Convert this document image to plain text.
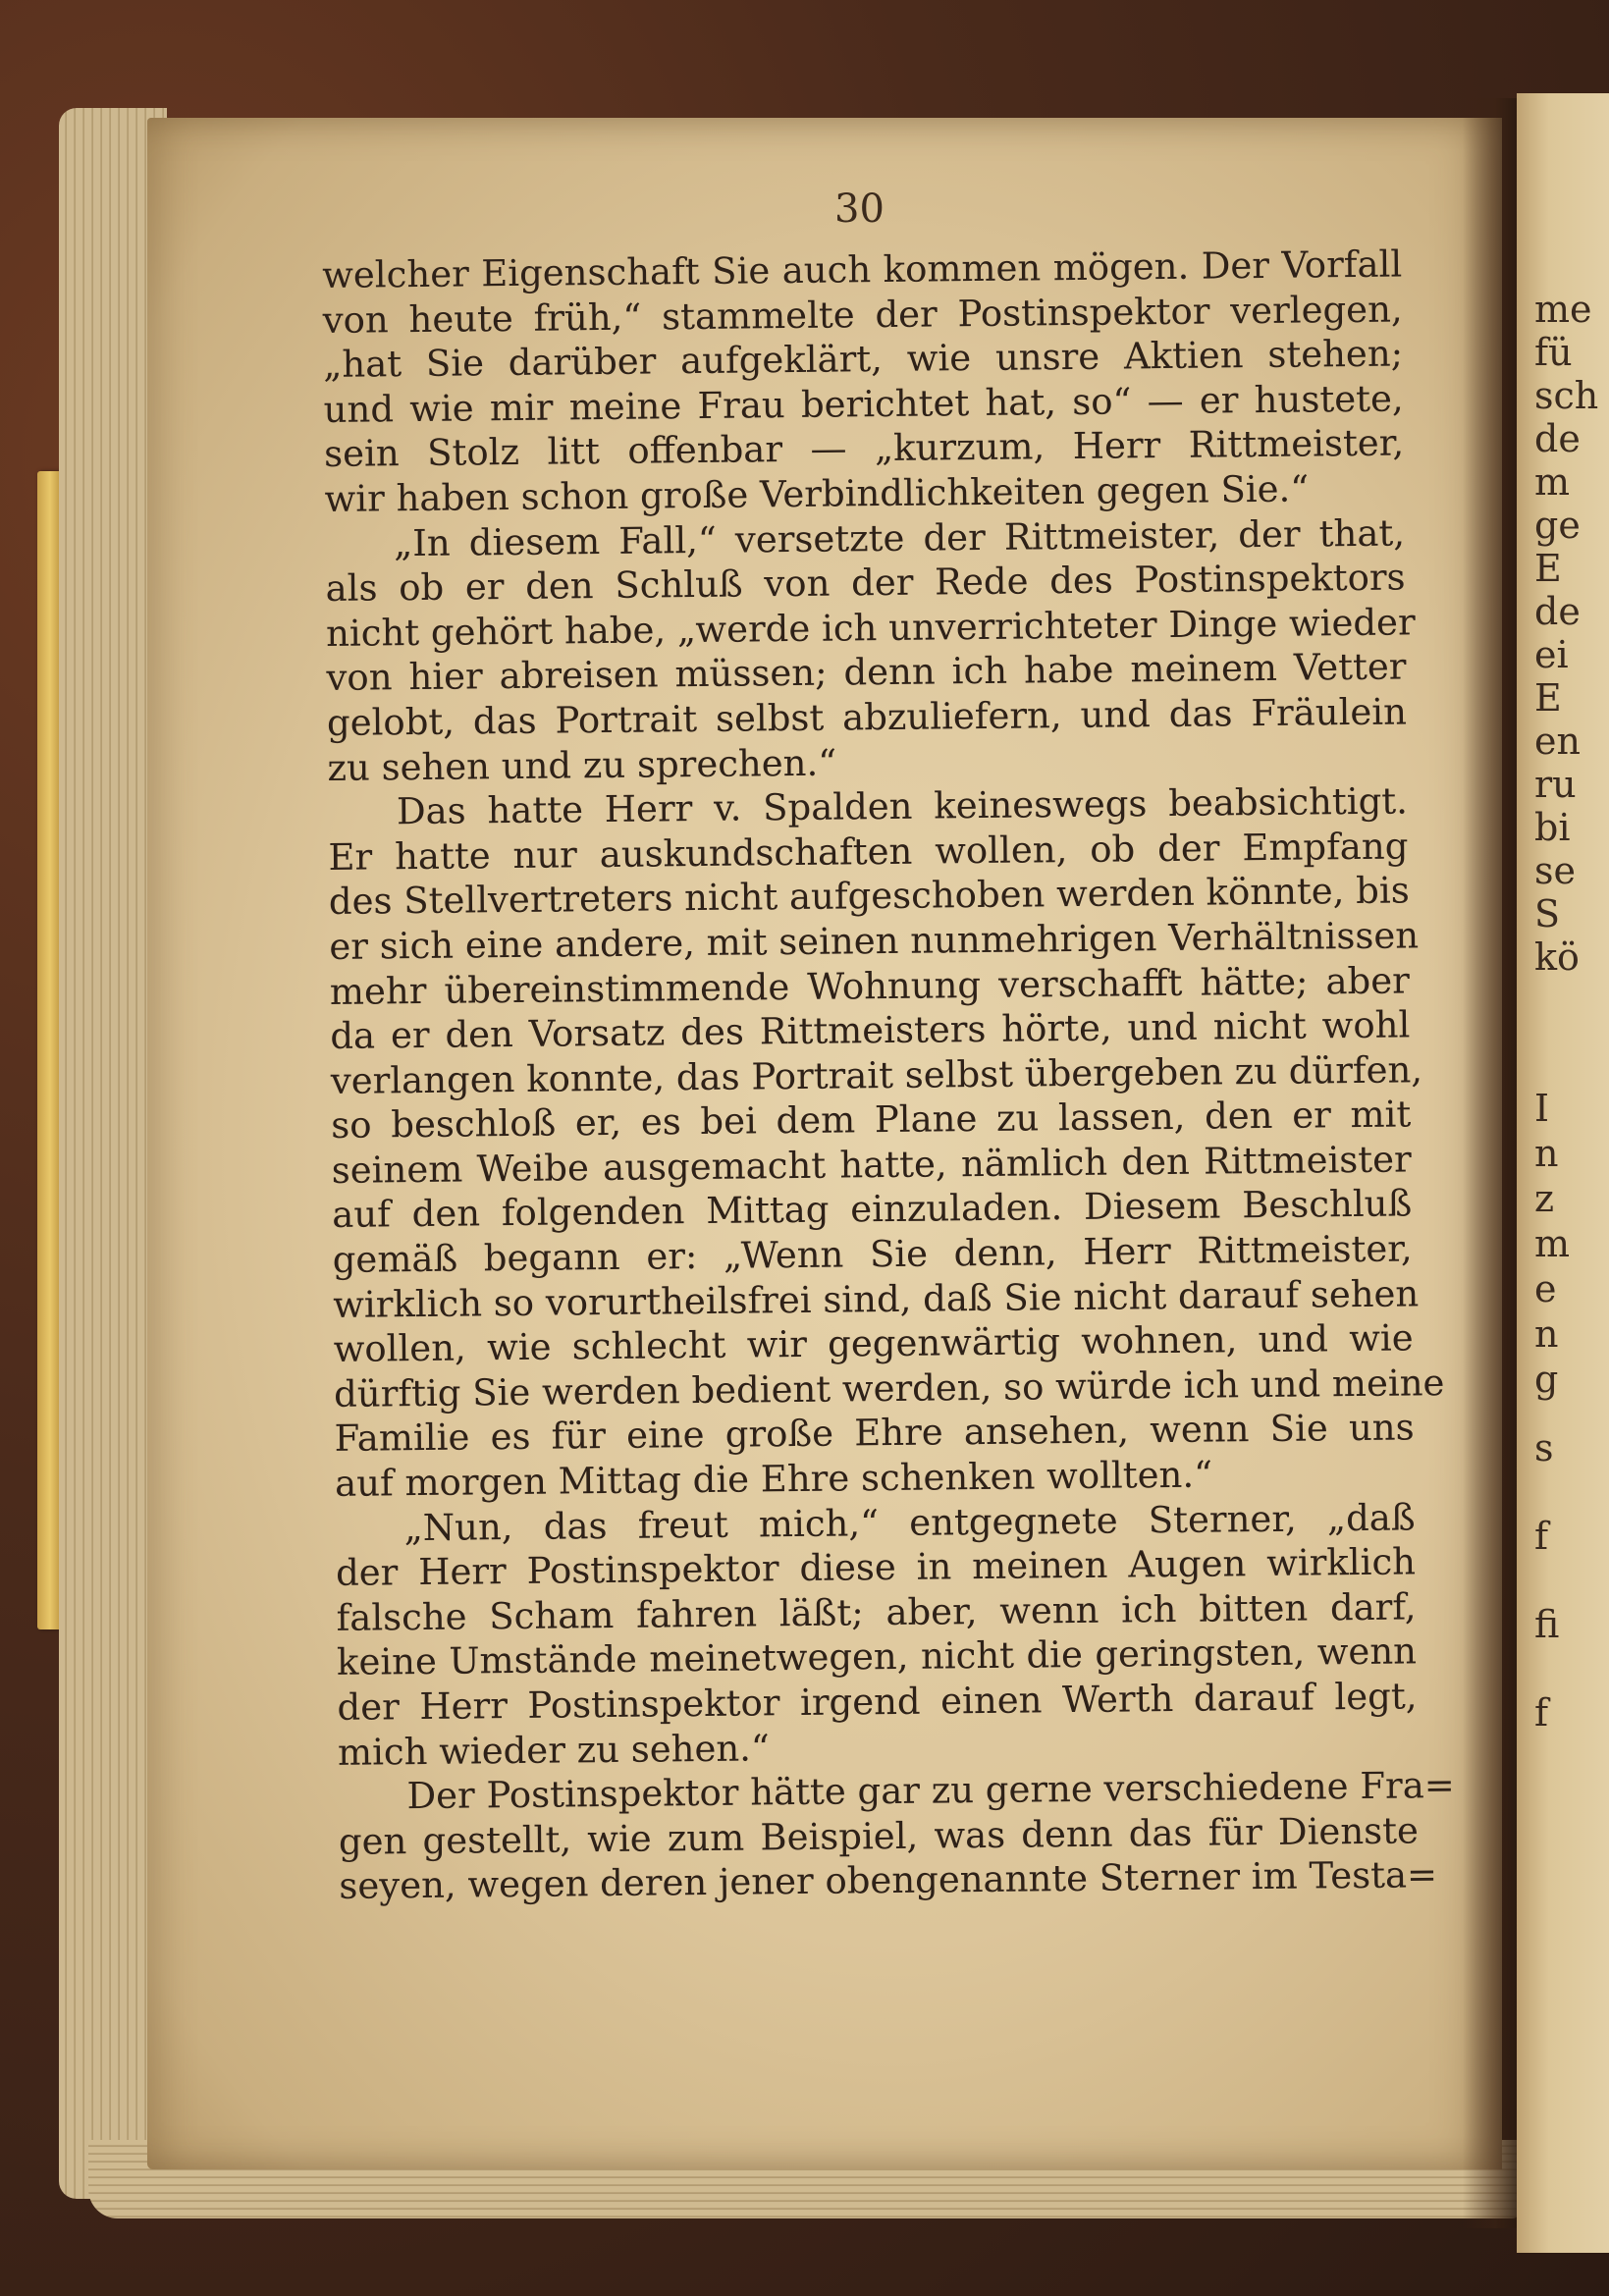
30
welcher Eigenschaft Sie auch kommen mögen. Der Vorfall
von heute früh,“ stammelte der Postinspektor verlegen,
„hat Sie darüber aufgeklärt, wie unsre Aktien stehen;
und wie mir meine Frau berichtet hat, so“ — er hustete,
sein Stolz litt offenbar — „kurzum, Herr Rittmeister,
wir haben schon große Verbindlichkeiten gegen Sie.“
„In diesem Fall,“ versetzte der Rittmeister, der that,
als ob er den Schluß von der Rede des Postinspektors
nicht gehört habe, „werde ich unverrichteter Dinge wieder
von hier abreisen müssen; denn ich habe meinem Vetter
gelobt, das Portrait selbst abzuliefern, und das Fräulein
zu sehen und zu sprechen.“
Das hatte Herr v. Spalden keineswegs beabsichtigt.
Er hatte nur auskundschaften wollen, ob der Empfang
des Stellvertreters nicht aufgeschoben werden könnte, bis
er sich eine andere, mit seinen nunmehrigen Verhältnissen
mehr übereinstimmende Wohnung verschafft hätte; aber
da er den Vorsatz des Rittmeisters hörte, und nicht wohl
verlangen konnte, das Portrait selbst übergeben zu dürfen,
so beschloß er, es bei dem Plane zu lassen, den er mit
seinem Weibe ausgemacht hatte, nämlich den Rittmeister
auf den folgenden Mittag einzuladen. Diesem Beschluß
gemäß begann er: „Wenn Sie denn, Herr Rittmeister,
wirklich so vorurtheilsfrei sind, daß Sie nicht darauf sehen
wollen, wie schlecht wir gegenwärtig wohnen, und wie
dürftig Sie werden bedient werden, so würde ich und meine
Familie es für eine große Ehre ansehen, wenn Sie uns
auf morgen Mittag die Ehre schenken wollten.“
„Nun, das freut mich,“ entgegnete Sterner, „daß
der Herr Postinspektor diese in meinen Augen wirklich
falsche Scham fahren läßt; aber, wenn ich bitten darf,
keine Umstände meinetwegen, nicht die geringsten, wenn
der Herr Postinspektor irgend einen Werth darauf legt,
mich wieder zu sehen.“
Der Postinspektor hätte gar zu gerne verschiedene Fra=
gen gestellt, wie zum Beispiel, was denn das für Dienste
seyen, wegen deren jener obengenannte Sterner im Testa=
me
fü
sch
de
m
ge
E
de
ei
E
en
ru
bi
se
S
kö
I
n
z
m
e
n
g
s
f
fi
f
